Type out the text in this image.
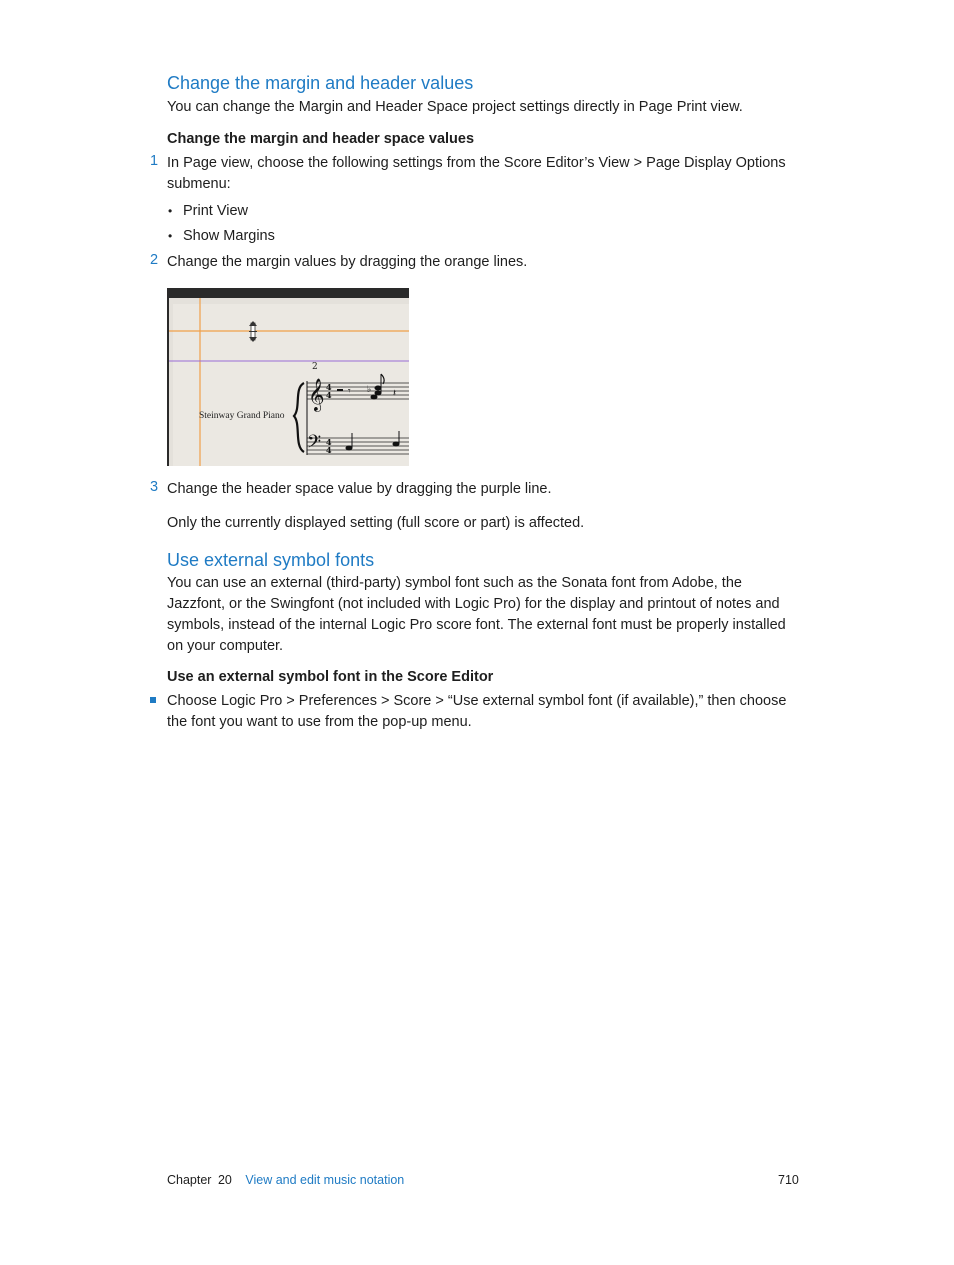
Change the margin and header values
You can change the Margin and Header Space project settings directly in Page Print view.
Change the margin and header space values
1 In Page view, choose the following settings from the Score Editor’s View > Page Display Options submenu:
• Print View
• Show Margins
2 Change the margin values by dragging the orange lines.
𝄞
𝄢
4
4
4
4
𝄾 ♭ 𝄽
2
Steinway Grand Piano
3 Change the header space value by dragging the purple line.
Only the currently displayed setting (full score or part) is affected.
Use external symbol fonts
You can use an external (third-party) symbol font such as the Sonata font from Adobe, the Jazzfont, or the Swingfont (not included with Logic Pro) for the display and printout of notes and symbols, instead of the internal Logic Pro score font. The external font must be properly installed on your computer.
Use an external symbol font in the Score Editor
Choose Logic Pro > Preferences > Score > “Use external symbol font (if available),” then choose the font you want to use from the pop-up menu.
Chapter 20 View and edit music notation	710
